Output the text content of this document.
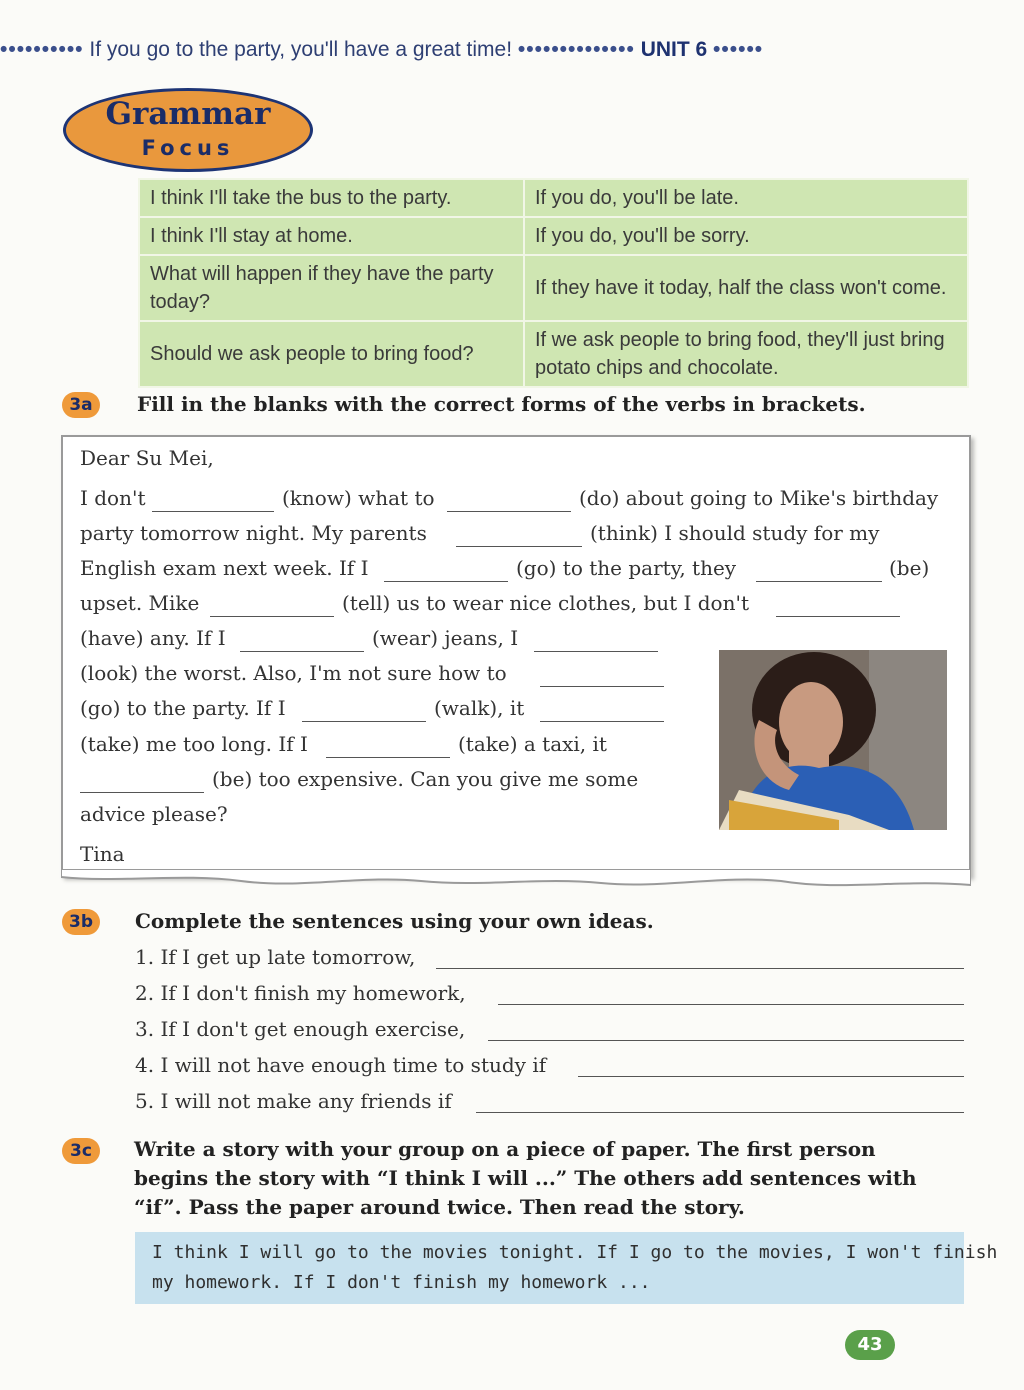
•••••••••• If you go to the party, you'll have a great time! •••••••••••••• UNIT 6 ••••••
Grammar
Focus
I think I'll take the bus to the party.	If you do, you'll be late.
I think I'll stay at home.	If you do, you'll be sorry.
What will happen if they have the party today?	If they have it today, half the class won't come.
Should we ask people to bring food?	If we ask people to bring food, they'll just bring potato chips and chocolate.
3a	Fill in the blanks with the correct forms of the verbs in brackets.
Dear Su Mei,
I don't	(know) what to	(do) about going to Mike's birthday
party tomorrow night. My parents	(think) I should study for my
English exam next week. If I	(go) to the party, they	(be)
upset. Mike	(tell) us to wear nice clothes, but I don't
(have) any. If I	(wear) jeans, I
(look) the worst. Also, I'm not sure how to
(go) to the party. If I	(walk), it
(take) me too long. If I	(take) a taxi, it
(be) too expensive. Can you give me some
advice please?
Tina
3b	Complete the sentences using your own ideas.
1. If I get up late tomorrow,
2. If I don't finish my homework,
3. If I don't get enough exercise,
4. I will not have enough time to study if
5. I will not make any friends if
3c	Write a story with your group on a piece of paper. The first person
begins the story with “I think I will ...” The others add sentences with
“if”. Pass the paper around twice. Then read the story.
I think I will go to the movies tonight. If I go to the movies, I won't finish
my homework. If I don't finish my homework ...
43
